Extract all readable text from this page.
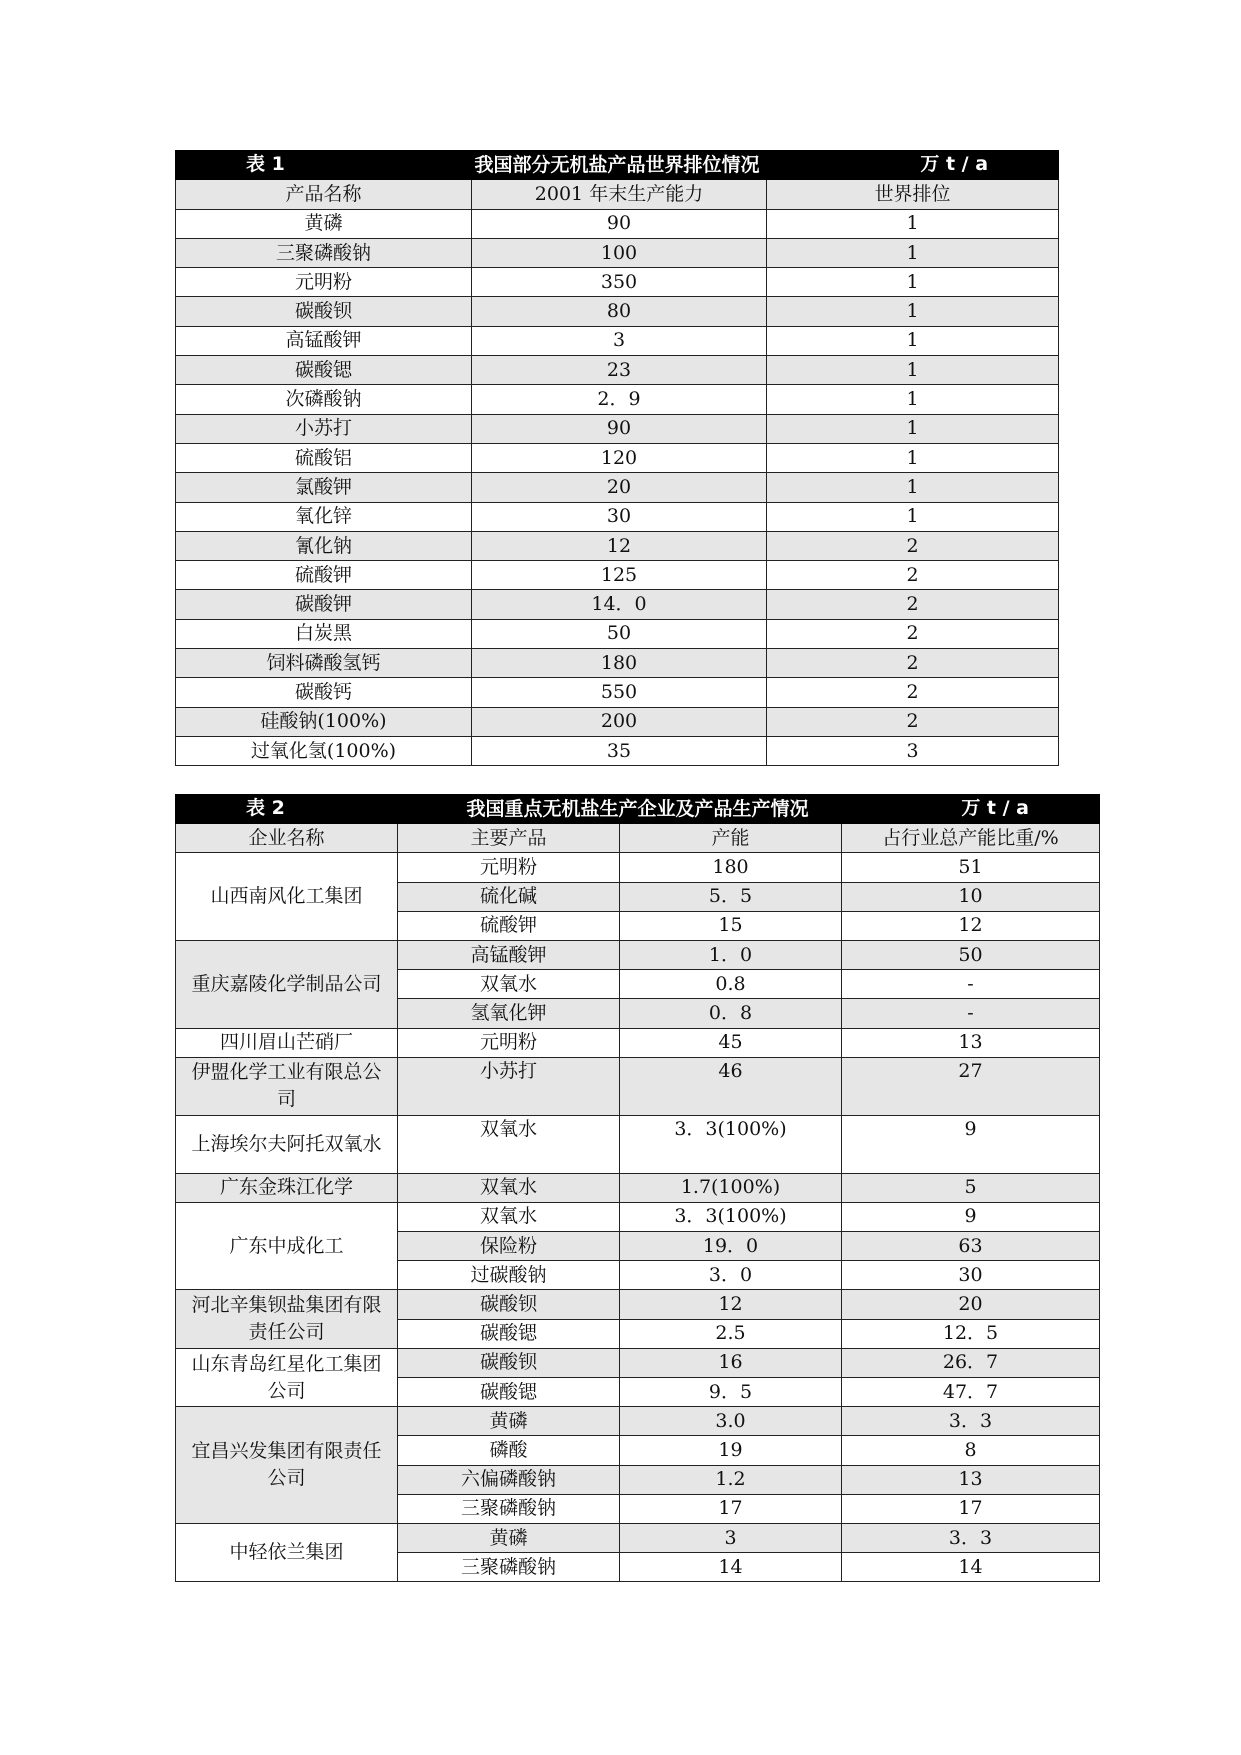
表 1 我国部分无机盐产品世界排位情况 万 t / a		

产品名称	2001 年末生产能力	世界排位
黄磷	90	1
三聚磷酸钠	100	1
元明粉	350	1
碳酸钡	80	1
高锰酸钾	3	1
碳酸锶	23	1
次磷酸钠	2．9	1
小苏打	90	1
硫酸铝	120	1
氯酸钾	20	1
氧化锌	30	1
氰化钠	12	2
硫酸钾	125	2
碳酸钾	14．0	2
白炭黑	50	2
饲料磷酸氢钙	180	2
碳酸钙	550	2
硅酸钠(100%)	200	2
过氧化氢(100%)	35	3
表 2 我国重点无机盐生产企业及产品生产情况 万 t / a			

企业名称	主要产品	产能	占行业总产能比重/%
山西南风化工集团	元明粉	180	51
	硫化碱	5．5	10
	硫酸钾	15	12
重庆嘉陵化学制品公司	高锰酸钾	1．0	50
	双氧水	0.8	-
	氢氧化钾	0．8	-
四川眉山芒硝厂	元明粉	45	13
伊盟化学工业有限总公司	小苏打	46	27
上海埃尔夫阿托双氧水	双氧水	3．3(100%)	9
广东金珠江化学	双氧水	1.7(100%)	5
广东中成化工	双氧水	3．3(100%)	9
	保险粉	19．0	63
	过碳酸钠	3．0	30
河北辛集钡盐集团有限责任公司	碳酸钡	12	20
	碳酸锶	2.5	12．5
山东青岛红星化工集团公司	碳酸钡	16	26．7
	碳酸锶	9．5	47．7
宜昌兴发集团有限责任公司	黄磷	3.0	3．3
	磷酸	19	8
	六偏磷酸钠	1.2	13
	三聚磷酸钠	17	17
中轻依兰集团	黄磷	3	3．3
	三聚磷酸钠	14	14
